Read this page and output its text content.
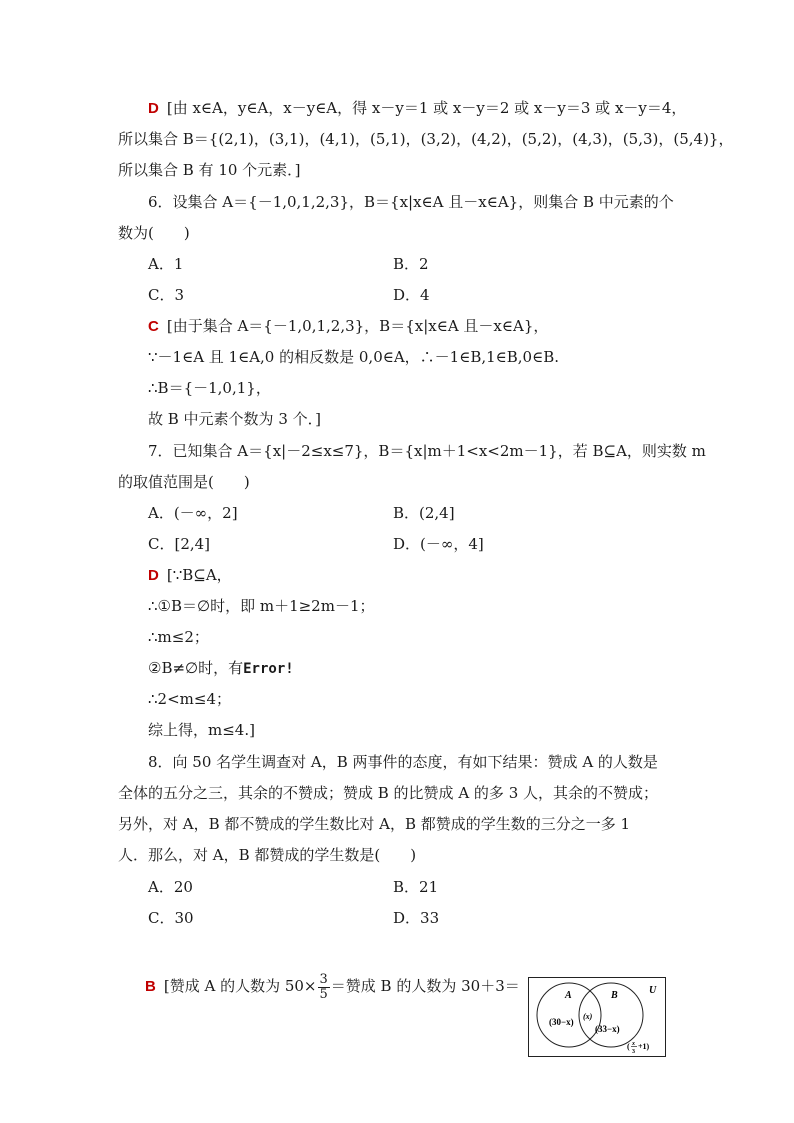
D [由 x∈A，y∈A，x－y∈A，得 x－y＝1 或 x－y＝2 或 x－y＝3 或 x－y＝4，
所以集合 B＝{(2,1)，(3,1)，(4,1)，(5,1)，(3,2)，(4,2)，(5,2)，(4,3)，(5,3)，(5,4)}，
所以集合 B 有 10 个元素．]
6．设集合 A＝{－1,0,1,2,3}，B＝{x|x∈A 且－x∈A}，则集合 B 中元素的个
数为(　　)
A．1	B．2
C．3	D．4
C [由于集合 A＝{－1,0,1,2,3}，B＝{x|x∈A 且－x∈A}，
∵－1∈A 且 1∈A,0 的相反数是 0,0∈A，∴－1∈B,1∈B,0∈B.
∴B＝{－1,0,1}，
故 B 中元素个数为 3 个．]
7．已知集合 A＝{x|－2≤x≤7}，B＝{x|m＋1<x<2m－1}，若 B⊆A，则实数 m
的取值范围是(　　)
A．(－∞，2]	B．(2,4]
C．[2,4]	D．(－∞，4]
D [∵B⊆A，
∴①B＝∅时，即 m＋1≥2m－1；
∴m≤2；
②B≠∅时，有Error!
∴2<m≤4；
综上得，m≤4.]
8．向 50 名学生调查对 A，B 两事件的态度，有如下结果：赞成 A 的人数是
全体的五分之三，其余的不赞成；赞成 B 的比赞成 A 的多 3 人，其余的不赞成；
另外，对 A，B 都不赞成的学生数比对 A，B 都赞成的学生数的三分之一多 1
人．那么，对 A，B 都赞成的学生数是(　　)
A．20	B．21
C．30	D．33
B [赞成 A 的人数为 $50\times \frac{3}{5}$ ＝赞成 B 的人数为 30＋3＝
A	B	U
(30−x)
(x)
(33−x)
( x
3
+1)
